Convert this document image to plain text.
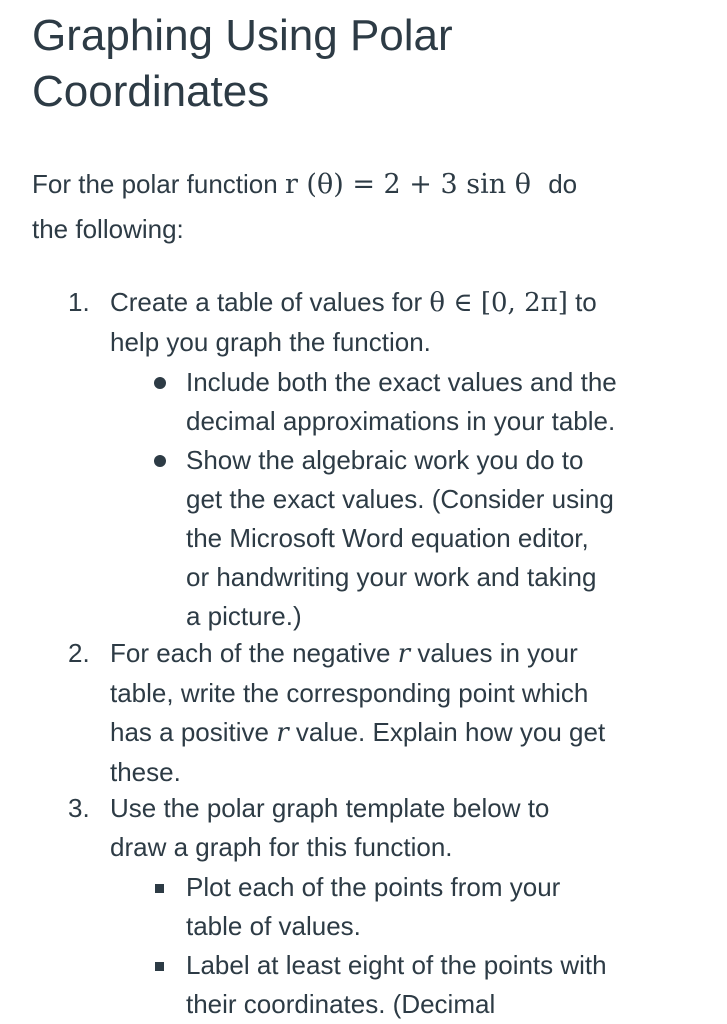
Graphing Using Polar
Coordinates

For the polar function r (θ) = 2 + 3 sin θ do
the following:

1. Create a table of values for θ ∈ [0, 2π] to
help you graph the function.
Include both the exact values and the
decimal approximations in your table.
Show the algebraic work you do to
get the exact values. (Consider using
the Microsoft Word equation editor,
or handwriting your work and taking
a picture.)
2. For each of the negative r values in your
table, write the corresponding point which
has a positive r value. Explain how you get
these.
3. Use the polar graph template below to
draw a graph for this function.
Plot each of the points from your
table of values.
Label at least eight of the points with
their coordinates. (Decimal
